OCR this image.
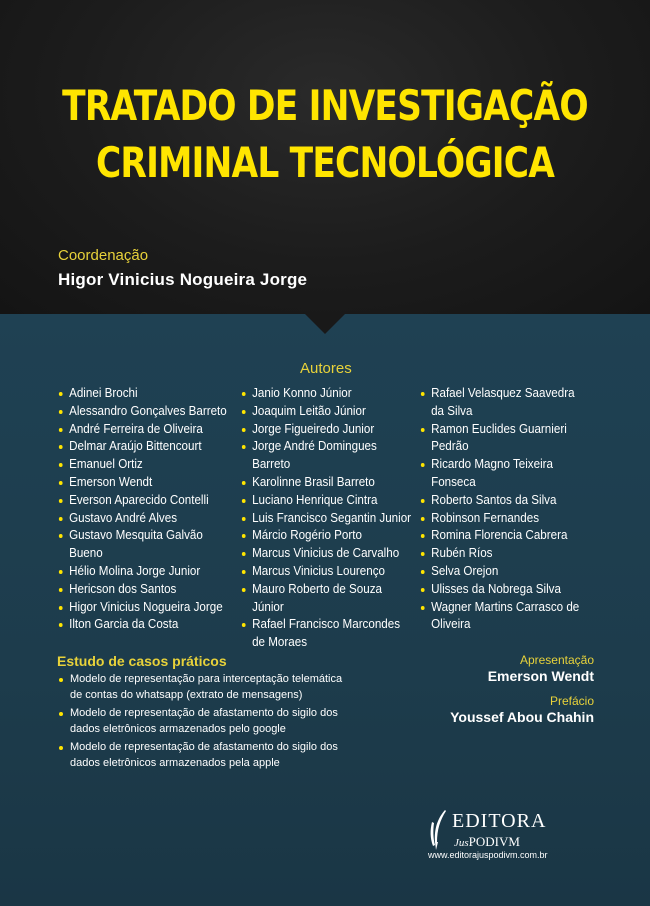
TRATADO DE INVESTIGAÇÃO
CRIMINAL TECNOLÓGICA
Coordenação
Higor Vinicius Nogueira Jorge
Autores
Adinei Brochi
Alessandro Gonçalves Barreto
André Ferreira de Oliveira
Delmar Araújo Bittencourt
Emanuel Ortiz
Emerson Wendt
Everson Aparecido Contelli
Gustavo André Alves
Gustavo Mesquita Galvão Bueno
Hélio Molina Jorge Junior
Hericson dos Santos
Higor Vinicius Nogueira Jorge
Ilton Garcia da Costa
Janio Konno Júnior
Joaquim Leitão Júnior
Jorge Figueiredo Junior
Jorge André Domingues Barreto
Karolinne Brasil Barreto
Luciano Henrique Cintra
Luis Francisco Segantin Junior
Márcio Rogério Porto
Marcus Vinicius de Carvalho
Marcus Vinicius Lourenço
Mauro Roberto de Souza Júnior
Rafael Francisco Marcondes de Moraes
Rafael Velasquez Saavedra da Silva
Ramon Euclides Guarnieri Pedrão
Ricardo Magno Teixeira Fonseca
Roberto Santos da Silva
Robinson Fernandes
Romina Florencia Cabrera
Rubén Ríos
Selva Orejon
Ulisses da Nobrega Silva
Wagner Martins Carrasco de Oliveira
Estudo de casos práticos
Modelo de representação para interceptação telemática de contas do whatsapp (extrato de mensagens)
Modelo de representação de afastamento do sigilo dos dados eletrônicos armazenados pelo google
Modelo de representação de afastamento do sigilo dos dados eletrônicos armazenados pela apple
Apresentação
Emerson Wendt
Prefácio
Youssef Abou Chahin
EDITORA
JusPODIVM
www.editorajuspodivm.com.br
